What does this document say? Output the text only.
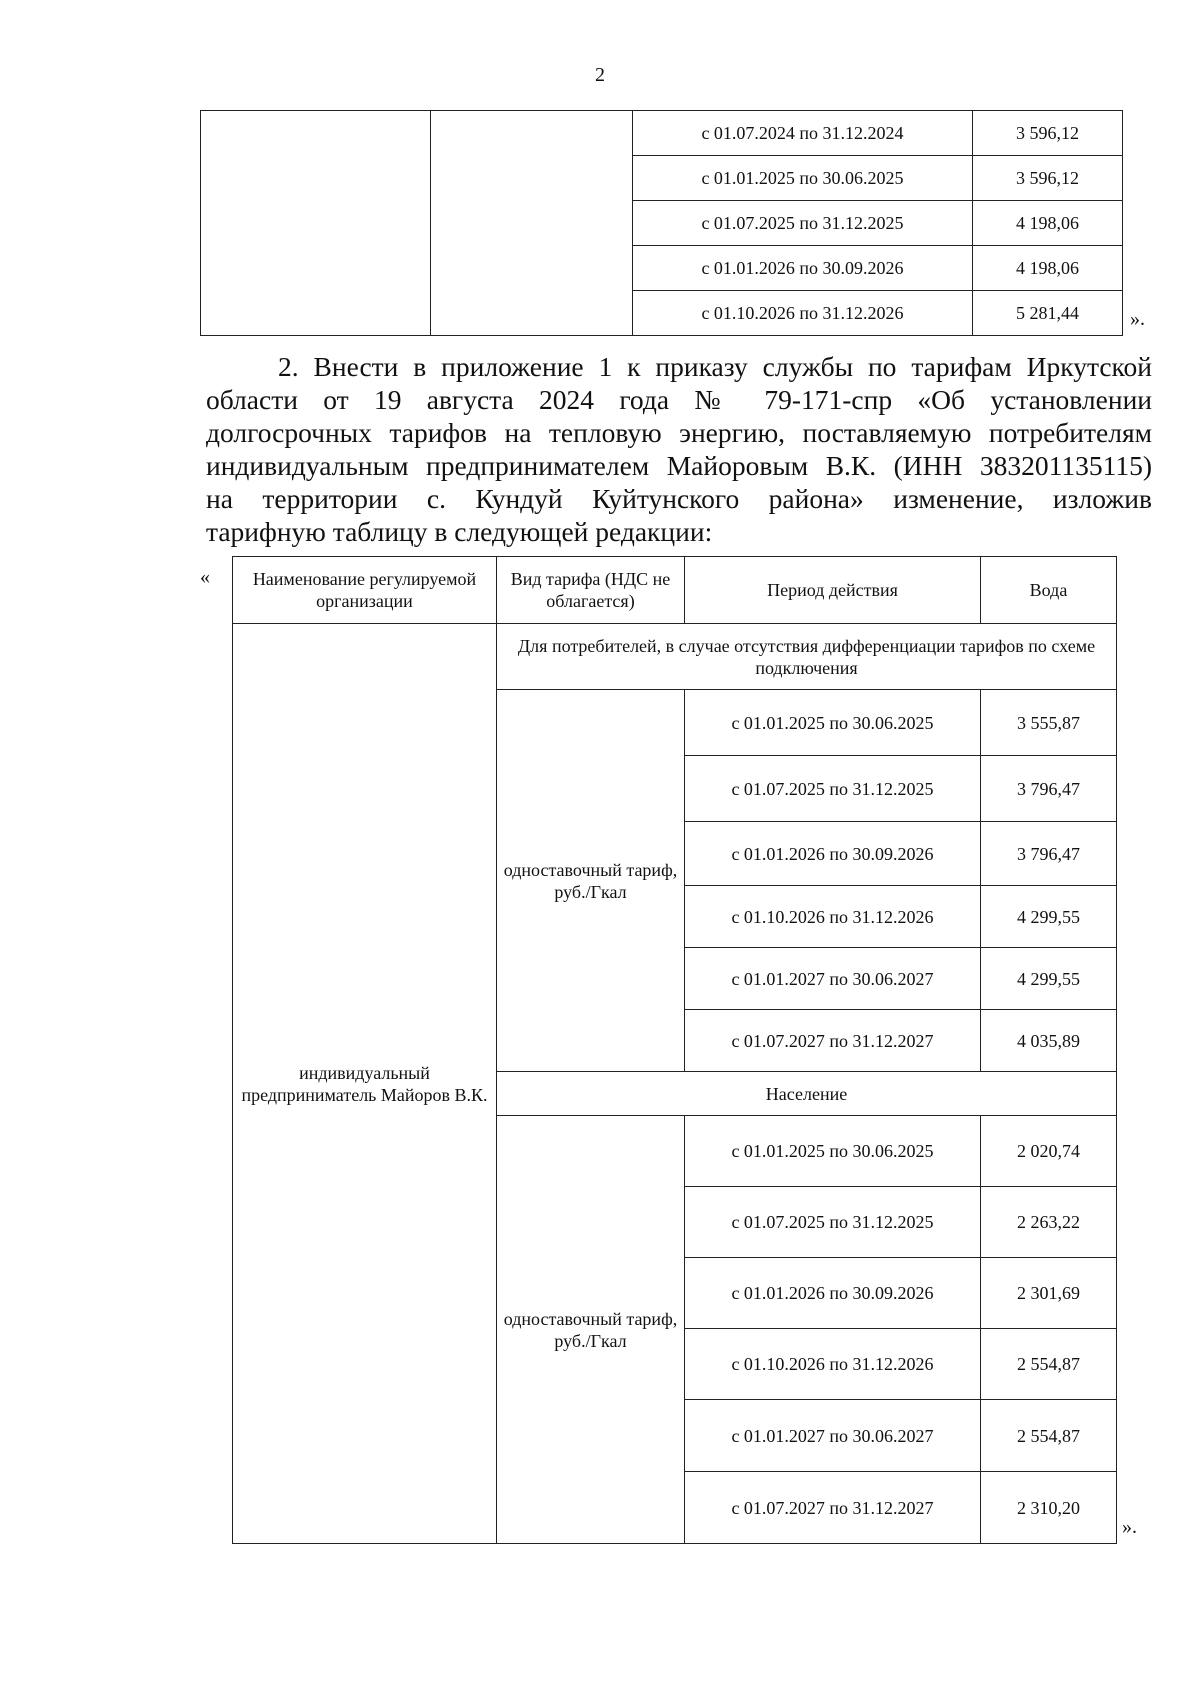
2
		с 01.07.2024 по 31.12.2024	3 596,12
		с 01.01.2025 по 30.06.2025	3 596,12
		с 01.07.2025 по 31.12.2025	4 198,06
		с 01.01.2026 по 30.09.2026	4 198,06
		с 01.10.2026 по 31.12.2026	5 281,44	».
2. Внести в приложение 1 к приказу службы по тарифам Иркутской
области от 19 августа 2024 года № 79-171-спр «Об установлении
долгосрочных тарифов на тепловую энергию, поставляемую потребителям
индивидуальным предпринимателем Майоровым В.К. (ИНН 383201135115)
на территории с. Кундуй Куйтунского района» изменение, изложив
тарифную таблицу в следующей редакции:
« Наименование регулируемой организации	Вид тарифа (НДС не облагается)	Период действия	Вода
индивидуальный предприниматель Майоров В.К.	Для потребителей, в случае отсутствия дифференциации тарифов по схеме подключения		
	одноставочный тариф, руб./Гкал	с 01.01.2025 по 30.06.2025	3 555,87
		с 01.07.2025 по 31.12.2025	3 796,47
		с 01.01.2026 по 30.09.2026	3 796,47
		с 01.10.2026 по 31.12.2026	4 299,55
		с 01.01.2027 по 30.06.2027	4 299,55
		с 01.07.2027 по 31.12.2027	4 035,89
	Население		
	одноставочный тариф, руб./Гкал	с 01.01.2025 по 30.06.2025	2 020,74
		с 01.07.2025 по 31.12.2025	2 263,22
		с 01.01.2026 по 30.09.2026	2 301,69
		с 01.10.2026 по 31.12.2026	2 554,87
		с 01.01.2027 по 30.06.2027	2 554,87
		с 01.07.2027 по 31.12.2027	2 310,20
».
